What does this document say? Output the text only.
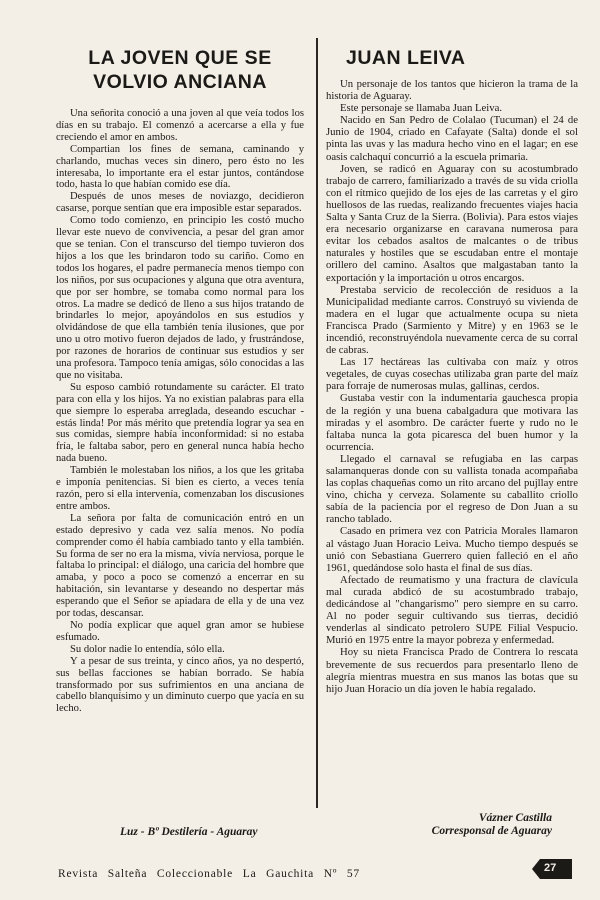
LA JOVEN QUE SE
VOLVIO ANCIANA

Una señorita conoció a una joven al que veía todos los días en su trabajo. El comenzó a acercarse a ella y fue creciendo el amor en ambos.

Compartian los fines de semana, caminando y charlando, muchas veces sin dinero, pero ésto no les interesaba, lo importante era el estar juntos, contándose todo, hasta lo que habían comido ese día.

Después de unos meses de noviazgo, decidieron casarse, porque sentían que era imposible estar separados.

Como todo comienzo, en principio les costó mucho llevar este nuevo de convivencia, a pesar del gran amor que se tenian. Con el transcurso del tiempo tuvieron dos hijos a los que les brindaron todo su cariño. Como en todos los hogares, el padre permanecía menos tiempo con los niños, por sus ocupaciones y alguna que otra aventura, que por ser hombre, se tomaba como normal para los otros. La madre se dedicó de lleno a sus hijos tratando de brindarles lo mejor, apoyándolos en sus estudios y olvidándose de que ella también tenía ilusiones, que por uno u otro motivo fueron dejados de lado, y frustrándose, por razones de horarios de continuar sus estudios y ser una profesora. Tampoco tenía amigas, sólo conocidas a las que no visitaba.

Su esposo cambió rotundamente su carácter. El trato para con ella y los hijos. Ya no existian palabras para ella que siempre lo esperaba arreglada, deseando escuchar -estás linda! Por más mérito que pretendía lograr ya sea en sus comidas, siempre había inconformidad: si no estaba fría, le faltaba sabor, pero en general nunca había hecho nada bueno.

También le molestaban los niños, a los que les gritaba e imponía penitencias. Si bien es cierto, a veces tenía razón, pero si ella intervenía, comenzaban los discusiones entre ambos.

La señora por falta de comunicación entró en un estado depresivo y cada vez salía menos. No podía comprender como él había cambiado tanto y ella también. Su forma de ser no era la misma, vivía nerviosa, porque le faltaba lo principal: el diálogo, una caricia del hombre que amaba, y poco a poco se comenzó a encerrar en su habitación, sin levantarse y deseando no despertar más esperando que el Señor se apiadara de ella y de una vez por todas, descansar.

No podía explicar que aquel gran amor se hubiese esfumado.

Su dolor nadie lo entendía, sólo ella.

Y a pesar de sus treinta, y cinco años, ya no despertó, sus bellas facciones se habían borrado. Se había transformado por sus sufrimientos en una anciana de cabello blanquísimo y un diminuto cuerpo que yacía en su lecho.

JUAN LEIVA

Un personaje de los tantos que hicieron la trama de la historia de Aguaray.

Este personaje se llamaba Juan Leiva.

Nacido en San Pedro de Colalao (Tucuman) el 24 de Junio de 1904, criado en Cafayate (Salta) donde el sol pinta las uvas y las madura hecho vino en el lagar; en ese oasis calchaquí concurrió a la escuela primaria.

Joven, se radicó en Aguaray con su acostumbrado trabajo de carrero, familiarizado a través de su vida criolla con el rítmico quejido de los ejes de las carretas y el giro huellosos de las ruedas, realizando frecuentes viajes hacia Salta y Santa Cruz de la Sierra. (Bolivia). Para estos viajes era necesario organizarse en caravana numerosa para evitar los cebados asaltos de malcantes o de tribus naturales y hostiles que se escudaban entre el montaje orillero del camino. Asaltos que malgastaban tanto la exportación y la importación u otros encargos.

Prestaba servicio de recolección de residuos a la Municipalidad mediante carros. Construyó su vivienda de madera en el lugar que actualmente ocupa su nieta Francisca Prado (Sarmiento y Mitre) y en 1963 se le incendió, reconstruyéndola nuevamente cerca de su corral de cabras.

Las 17 hectáreas las cultivaba con maíz y otros vegetales, de cuyas cosechas utilizaba gran parte del maíz para forraje de numerosas mulas, gallinas, cerdos.

Gustaba vestir con la indumentaria gauchesca propia de la región y una buena cabalgadura que motivara las miradas y el asombro. De carácter fuerte y rudo no le faltaba nunca la gota picaresca del buen humor y la ocurrencia.

Llegado el carnaval se refugiaba en las carpas salamanqueras donde con su vallista tonada acompañaba las coplas chaqueñas como un rito arcano del pujllay entre vino, chicha y cerveza. Solamente su caballito criollo sabía de la paciencia por el regreso de Don Juan a su rancho tablado.

Casado en primera vez con Patricia Morales llamaron al vástago Juan Horacio Leiva. Mucho tiempo después se unió con Sebastiana Guerrero quien falleció en el año 1961, quedándose solo hasta el final de sus días.

Afectado de reumatismo y una fractura de clavícula mal curada abdicó de su acostumbrado trabajo, dedicándose al "changarismo" pero siempre en su carro. Al no poder seguir cultivando sus tierras, decidió venderlas al sindicato petrolero SUPE Filial Vespucio. Murió en 1975 entre la mayor pobreza y enfermedad.

Hoy su nieta Francisca Prado de Contrera lo rescata brevemente de sus recuerdos para presentarlo lleno de alegría mientras muestra en sus manos las botas que su hijo Juan Horacio un día joven le había regalado.

Vázner Castilla
Corresponsal de Aguaray
Luz - Bº Destilería - Aguaray
Revista Salteña Coleccionable La Gauchita Nº 57	27
